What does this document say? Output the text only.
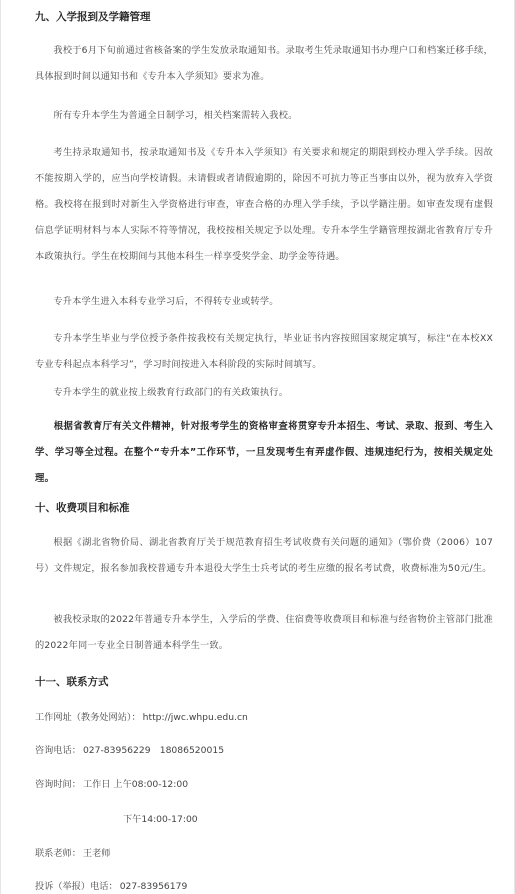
九、入学报到及学籍管理
我校于6月下旬前通过省核备案的学生发放录取通知书。录取考生凭录取通知书办理户口和档案迁移手续，具体报到时间以通知书和《专升本入学须知》要求为准。
所有专升本学生为普通全日制学习，相关档案需转入我校。
考生持录取通知书，按录取通知书及《专升本入学须知》有关要求和规定的期限到校办理入学手续。因故不能按期入学的，应当向学校请假。未请假或者请假逾期的，除因不可抗力等正当事由以外，视为放弃入学资格。我校将在报到时对新生入学资格进行审查，审查合格的办理入学手续，予以学籍注册。如审查发现有虚假信息学证明材料与本人实际不符等情况，我校按相关规定予以处理。专升本学生学籍管理按湖北省教育厅专升本政策执行。学生在校期间与其他本科生一样享受奖学金、助学金等待遇。
专升本学生进入本科专业学习后，不得转专业或转学。
专升本学生毕业与学位授予条件按我校有关规定执行，毕业证书内容按照国家规定填写，标注“在本校XX专业专科起点本科学习”，学习时间按进入本科阶段的实际时间填写。
专升本学生的就业按上级教育行政部门的有关政策执行。
根据省教育厅有关文件精神，针对报考学生的资格审查将贯穿专升本招生、考试、录取、报到、考生入学、学习等全过程。在整个“专升本”工作环节，一旦发现考生有弄虚作假、违规违纪行为，按相关规定处理。
十、收费项目和标准
根据《湖北省物价局、湖北省教育厅关于规范教育招生考试收费有关问题的通知》（鄂价费（2006）107号）文件规定，报名参加我校普通专升本退役大学生士兵考试的考生应缴的报名考试费，收费标准为50元/生。
被我校录取的2022年普通专升本学生，入学后的学费、住宿费等收费项目和标准与经省物价主管部门批准的2022年同一专业全日制普通本科学生一致。
十一、联系方式
工作网址（教务处网站）： http://jwc.whpu.edu.cn
咨询电话： 027-83956229　18086520015
咨询时间： 工作日 上午08:00-12:00
下午14:00-17:00
联系老师： 王老师
投诉（举报）电话： 027-83956179
